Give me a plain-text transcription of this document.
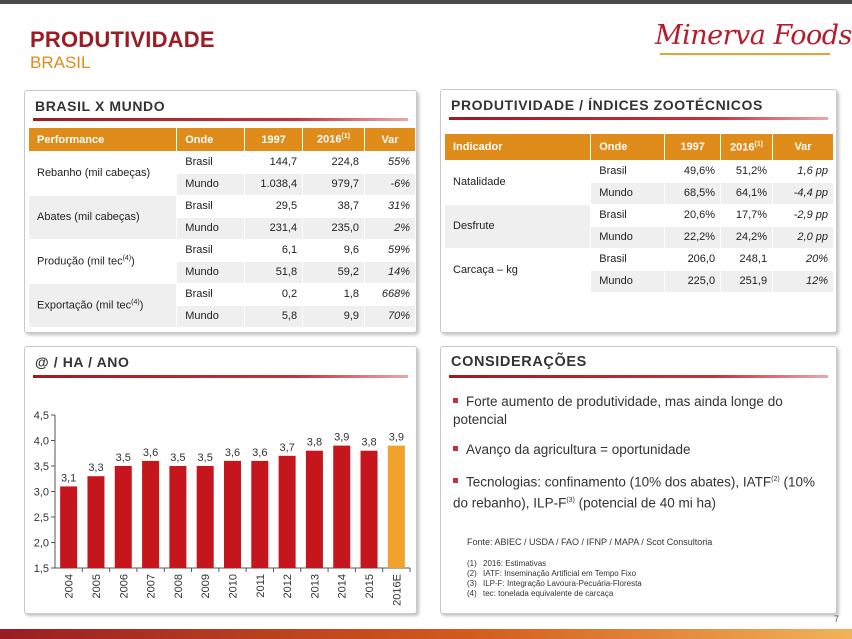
PRODUTIVIDADE
BRASIL
Minerva Foods
BRASIL X MUNDO
Performance	Onde	1997	2016$^{(1)}$	Var
Rebanho (mil cabeças)	Brasil	144,7	224,8	55%
	Mundo	1.038,4	979,7	-6%
Abates (mil cabeças)	Brasil	29,5	38,7	31%
	Mundo	231,4	235,0	2%
Produção (mil tec$^{(4)}$)	Brasil	6,1	9,6	59%
	Mundo	51,8	59,2	14%
Exportação (mil tec$^{(4)}$)	Brasil	0,2	1,8	668%
	Mundo	5,8	9,9	70%
PRODUTIVIDADE / ÍNDICES ZOOTÉCNICOS
Indicador	Onde	1997	2016$^{(1)}$	Var
Natalidade	Brasil	49,6%	51,2%	1,6 pp
	Mundo	68,5%	64,1%	-4,4 pp
Desfrute	Brasil	20,6%	17,7%	-2,9 pp
	Mundo	22,2%	24,2%	2,0 pp
Carcaça – kg	Brasil	206,0	248,1	20%
	Mundo	225,0	251,9	12%
@ / HA / ANO
1,5
2,0
2,5
3,0
3,5
4,0
4,5
3,1
2004
3,3
2005
3,5
2006
3,6
2007
3,5
2008
3,5
2009
3,6
2010
3,6
2011
3,7
2012
3,8
2013
3,9
2014
3,8
2015
3,9
2016E
CONSIDERAÇÕES
Forte aumento de produtividade, mas ainda longe do potencial
Avanço da agricultura = oportunidade
Tecnologias: confinamento (10% dos abates), IATF$^{(2)}$ (10% do rebanho), ILP-$F^{(3)}$ (potencial de 40 mi ha)
Fonte: ABIEC / USDA / FAO / IFNP / MAPA / Scot Consultoria
(1) 2016: Estimativas
(2) IATF: Inseminação Artificial em Tempo Fixo
(3) ILP-F: Integração Lavoura-Pecuária-Floresta
(4) tec: tonelada equivalente de carcaça
7
